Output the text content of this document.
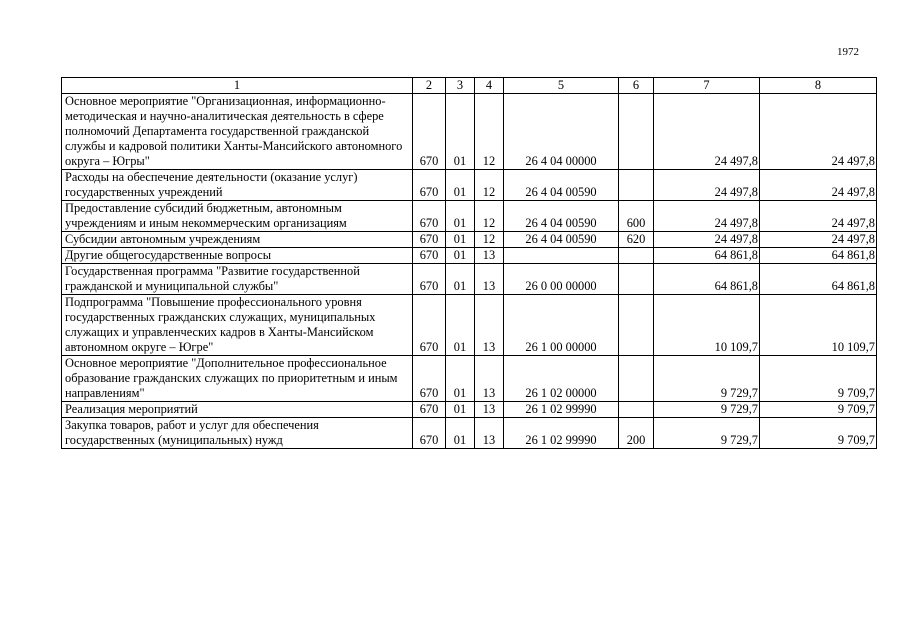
1972
1	2	3	4	5	6	7	8
Основное мероприятие "Организационная, информационно-методическая и научно-аналитическая деятельность в сфере полномочий Департамента государственной гражданской службы и кадровой политики Ханты-Мансийского автономного округа – Югры"	670	01	12	26 4 04 00000		24 497,8	24 497,8
Расходы на обеспечение деятельности (оказание услуг) государственных учреждений	670	01	12	26 4 04 00590		24 497,8	24 497,8
Предоставление субсидий бюджетным, автономным учреждениям и иным некоммерческим организациям	670	01	12	26 4 04 00590	600	24 497,8	24 497,8
Субсидии автономным учреждениям	670	01	12	26 4 04 00590	620	24 497,8	24 497,8
Другие общегосударственные вопросы	670	01	13			64 861,8	64 861,8
Государственная программа "Развитие государственной гражданской и муниципальной службы"	670	01	13	26 0 00 00000		64 861,8	64 861,8
Подпрограмма "Повышение профессионального уровня государственных гражданских служащих, муниципальных служащих и управленческих кадров в Ханты-Мансийском автономном округе – Югре"	670	01	13	26 1 00 00000		10 109,7	10 109,7
Основное мероприятие "Дополнительное профессиональное образование гражданских служащих по приоритетным и иным направлениям"	670	01	13	26 1 02 00000		9 729,7	9 709,7
Реализация мероприятий	670	01	13	26 1 02 99990		9 729,7	9 709,7
Закупка товаров, работ и услуг для обеспечения государственных (муниципальных) нужд	670	01	13	26 1 02 99990	200	9 729,7	9 709,7
